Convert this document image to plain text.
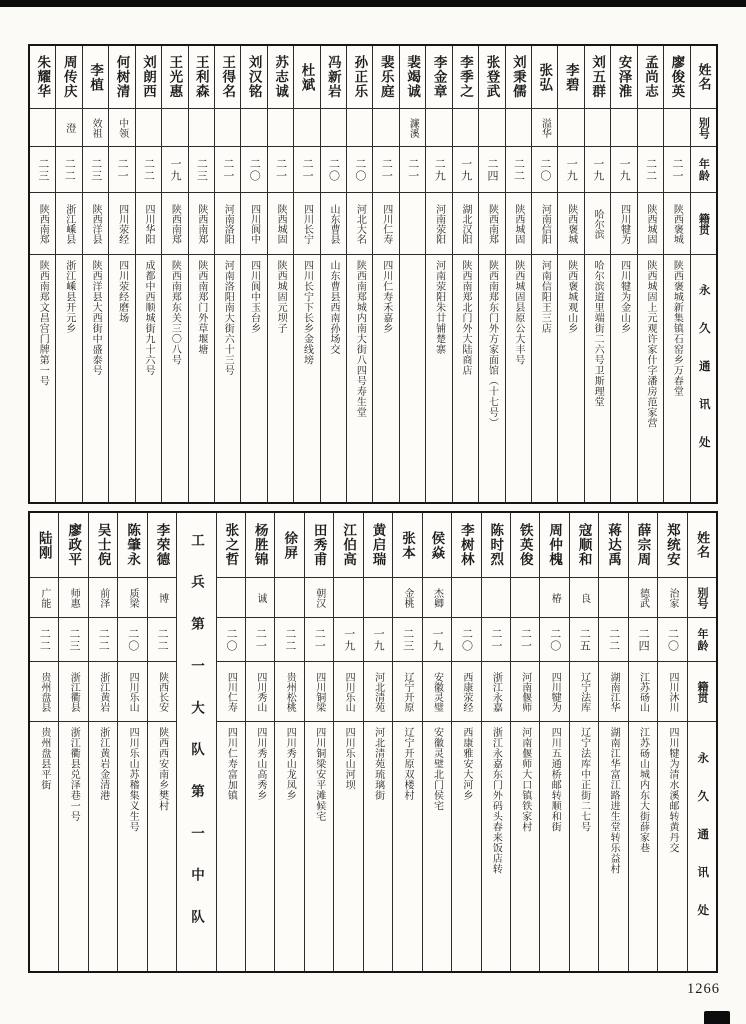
朱耀华
二三
陕西南郑
陕西南郑文昌宫门牌第一号
周传庆
澄
二二
浙江嵊县
浙江嵊县开元乡
李植
效祖
二三
陕西洋县
陕西洋县大西街中盛泰号
何树清
中领
二一
四川荥经
四川荥经磨场
刘朗西
二二
四川华阳
成都中西顺城街九十六号
王光惠
一九
陕西南郑
陕西南郑东关三〇八号
王利森
二三
陕西南郑
陕西南郑门外草堰塘
王得名
二一
河南洛阳
河南洛阳南大街六十三号
刘汉铭
二〇
四川阆中
四川阆中玉台乡
苏志诚
二一
陕西城固
陕西城固元坝子
杜斌
二一
四川长宁
四川长宁下长乡金线塝
冯新岩
二〇
山东曹县
山东曹县西南孙场交
孙正乐
二〇
河北大名
陕西南郑城内南大街八四号寿生堂
裴乐庭
二一
四川仁寿
四川仁寿禾嘉乡
裴竭诚
濂溪
二一
李金章
二九
河南荥阳
河南荥阳朱廿铺楚寨
李季之
一九
湖北汉阳
陕西南郑北门外大陆商店
张登武
二四
陕西南郑
陕西南郑东门外方家面馆（十七号）
刘秉儒
二二
陕西城固
陕西城固县原公大丰号
张弘
溢华
二〇
河南信阳
河南信阳王三店
李碧
一九
陕西褒城
陕西褒城观山乡
刘五群
一九
哈尔滨
哈尔滨道里端街二六号卫斯理堂
安泽淮
一九
四川犍为
四川犍为金山乡
孟尚志
二二
陕西城固
陕西城固上元观许家什字潘房范家营
廖俊英
二一
陕西褒城
陕西褒城新集镇石窑乡万春堂
姓名
别号
年龄
籍贯
永久通讯处
陆刚
广能
二二
贵州盘县
贵州盘县平街
廖政平
师惠
二三
浙江衢县
浙江衢县兑泽巷一号
吴士倪
前泽
二二
浙江黄岩
浙江黄岩金清港
陈肇永
质梁
二〇
四川乐山
四川乐山苏稽集义生号
李荣德
博
二二
陕西长安
陕西西安南乡樊村 工兵第一大队第一中队 张之哲
二〇
四川仁寿
四川仁寿富加镇
杨胜锦
诚
二一
四川秀山
四川秀山高秀乡
徐屏
二二
贵州松桃
四川秀山龙凤乡
田秀甫
朝汉
二一
四川铜梁
四川铜梁安平滩候宅
江伯高
一九
四川乐山
四川乐山河坝
黄启瑞
一九
河北清苑
河北清苑琉璃街
张本
金桃
二三
辽宁开原
辽宁开原双楼村
侯焱
杰卿
一九
安徽灵璧
安徽灵璧北门侯宅
李树林
二〇
西康荥经
西康雅安大河乡
陈时烈
二一
浙江永嘉
浙江永嘉东门外码头春来饭店转
铁英俊
二一
河南偃师
河南偃师大口镇铁家村
周仲槐
椿
二〇
四川犍为
四川五通桥邮转顺和街
寇顺和
良
二五
辽宁法库
辽宁法库中正街二七号
蒋达禹
二二
湖南江华
湖南江华富江路进生堂转乐益村
薛宗周
德武
二四
江苏砀山
江苏砀山城内东大街薛家巷
郑统安
治家
二〇
四川沐川
四川犍为清水溪邮转黄丹交
姓名
别号
年龄
籍贯
永久通讯处
1266
